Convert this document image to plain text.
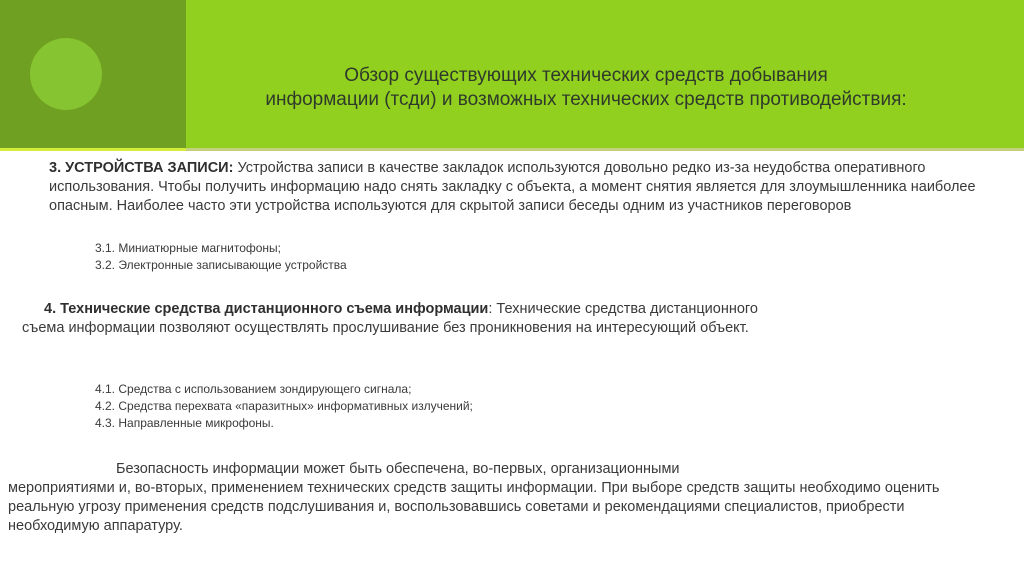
Обзор существующих технических средств добывания
информации (тсди) и возможных технических средств противодействия:
3. УСТРОЙСТВА ЗАПИСИ: Устройства записи в качестве закладок используются довольно редко из-за неудобства оперативного использования. Чтобы получить информацию надо снять закладку с объекта, а момент снятия является для злоумышленника наиболее опасным. Наиболее часто эти устройства используются для скрытой записи беседы одним из участников переговоров
3.1. Миниатюрные магнитофоны;
3.2. Электронные записывающие устройства
4. Технические средства дистанционного съема информации: Технические средства дистанционного
съема информации позволяют осуществлять прослушивание без проникновения на интересующий объект.
4.1. Средства с использованием зондирующего сигнала;
4.2. Средства перехвата «паразитных» информативных излучений;
4.3. Направленные микрофоны.
Безопасность информации может быть обеспечена, во-первых, организационными
мероприятиями и, во-вторых, применением технических средств защиты информации. При выборе средств защиты необходимо оценить реальную угрозу применения средств подслушивания и, воспользовавшись советами и рекомендациями специалистов, приобрести необходимую аппаратуру.
